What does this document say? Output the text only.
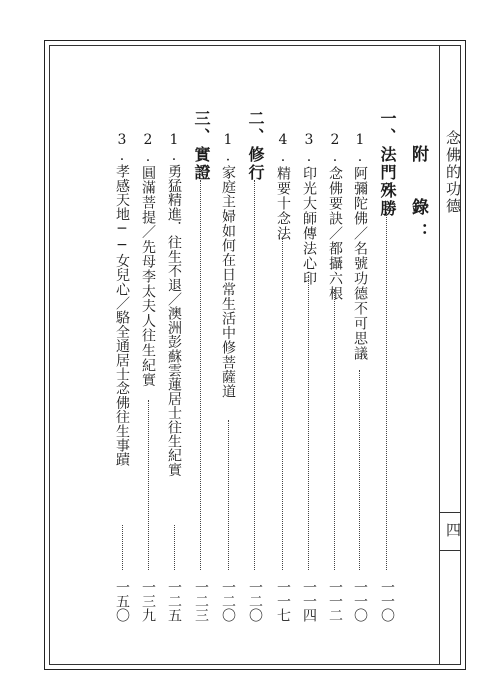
念佛的功德

四

附 錄：

一、法門殊勝

一一〇

1.阿彌陀佛／名號功德不可思議

一一〇

2.念佛要訣／都攝六根

一一二

3.印光大師傳法心印

一一四

4.精要十念法

一一七

二、修行

一二〇

1.家庭主婦如何在日常生活中修菩薩道

一二〇

三、實證

一二三

1.勇猛精進．往生不退／澳洲彭蘇雲蓮居士往生紀實

一二五

2.圓滿菩提／先母李太夫人往生紀實

一三九

3.孝感天地──女兒心／駱全通居士念佛往生事蹟

一五〇
